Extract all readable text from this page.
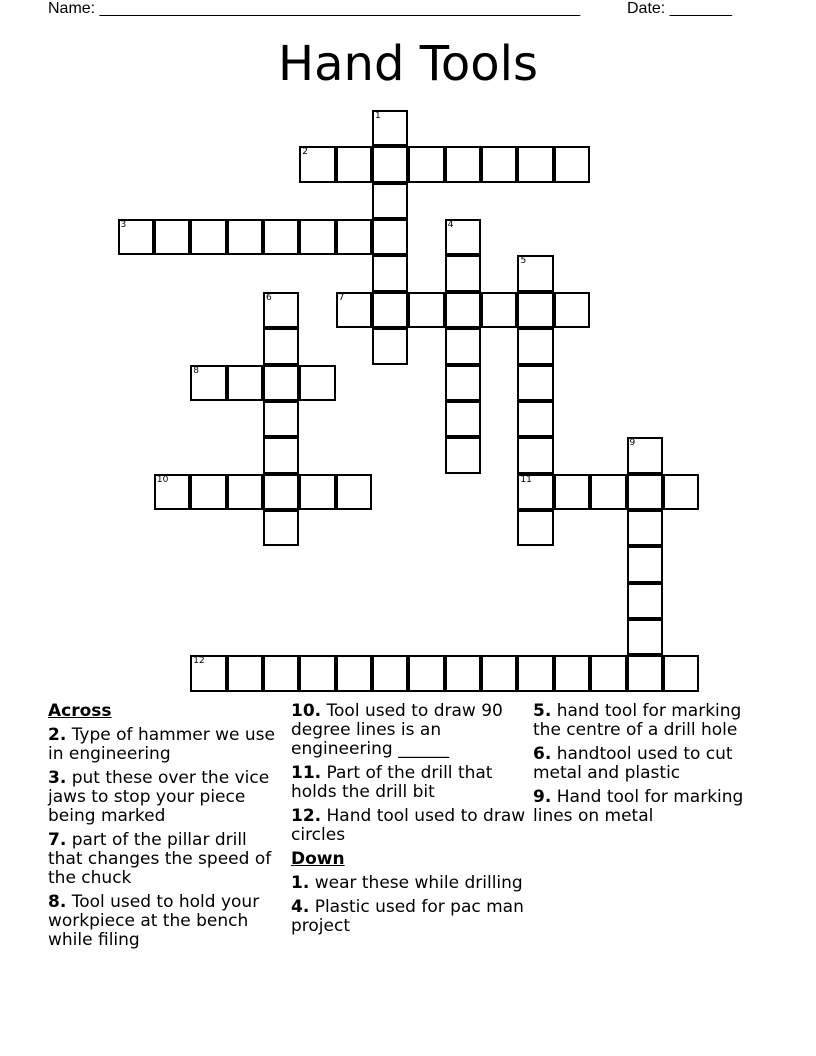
Name: ______________________________________________________	Date: _______
Hand Tools
1
2
3	4
5
11
6	7
8
9
10
12
Across
2. Type of hammer we use in engineering
3. put these over the vice jaws to stop your piece being marked
7. part of the pillar drill that changes the speed of the chuck
8. Tool used to hold your workpiece at the bench while filing
10. Tool used to draw 90 degree lines is an engineering ______
11. Part of the drill that holds the drill bit
12. Hand tool used to draw circles
Down
1. wear these while drilling
4. Plastic used for pac man project
5. hand tool for marking the centre of a drill hole
6. handtool used to cut metal and plastic
9. Hand tool for marking lines on metal
